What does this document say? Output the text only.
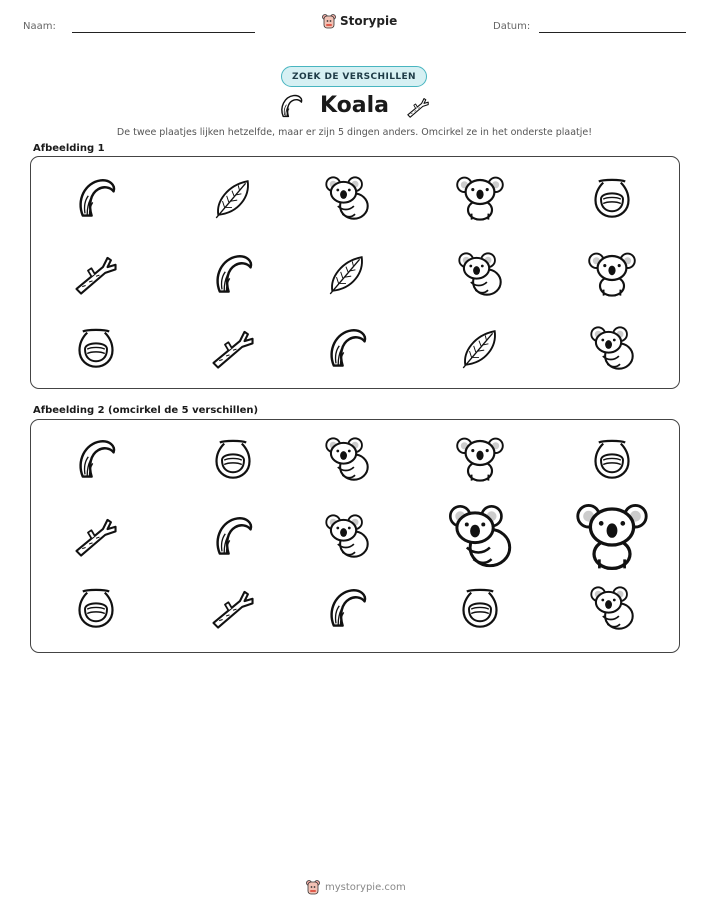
Naam:	Storypie	Datum:
ZOEK DE VERSCHILLEN
Koala
De twee plaatjes lijken hetzelfde, maar er zijn 5 dingen anders. Omcirkel ze in het onderste plaatje!
Afbeelding 1
Afbeelding 2 (omcirkel de 5 verschillen)
mystorypie.com
